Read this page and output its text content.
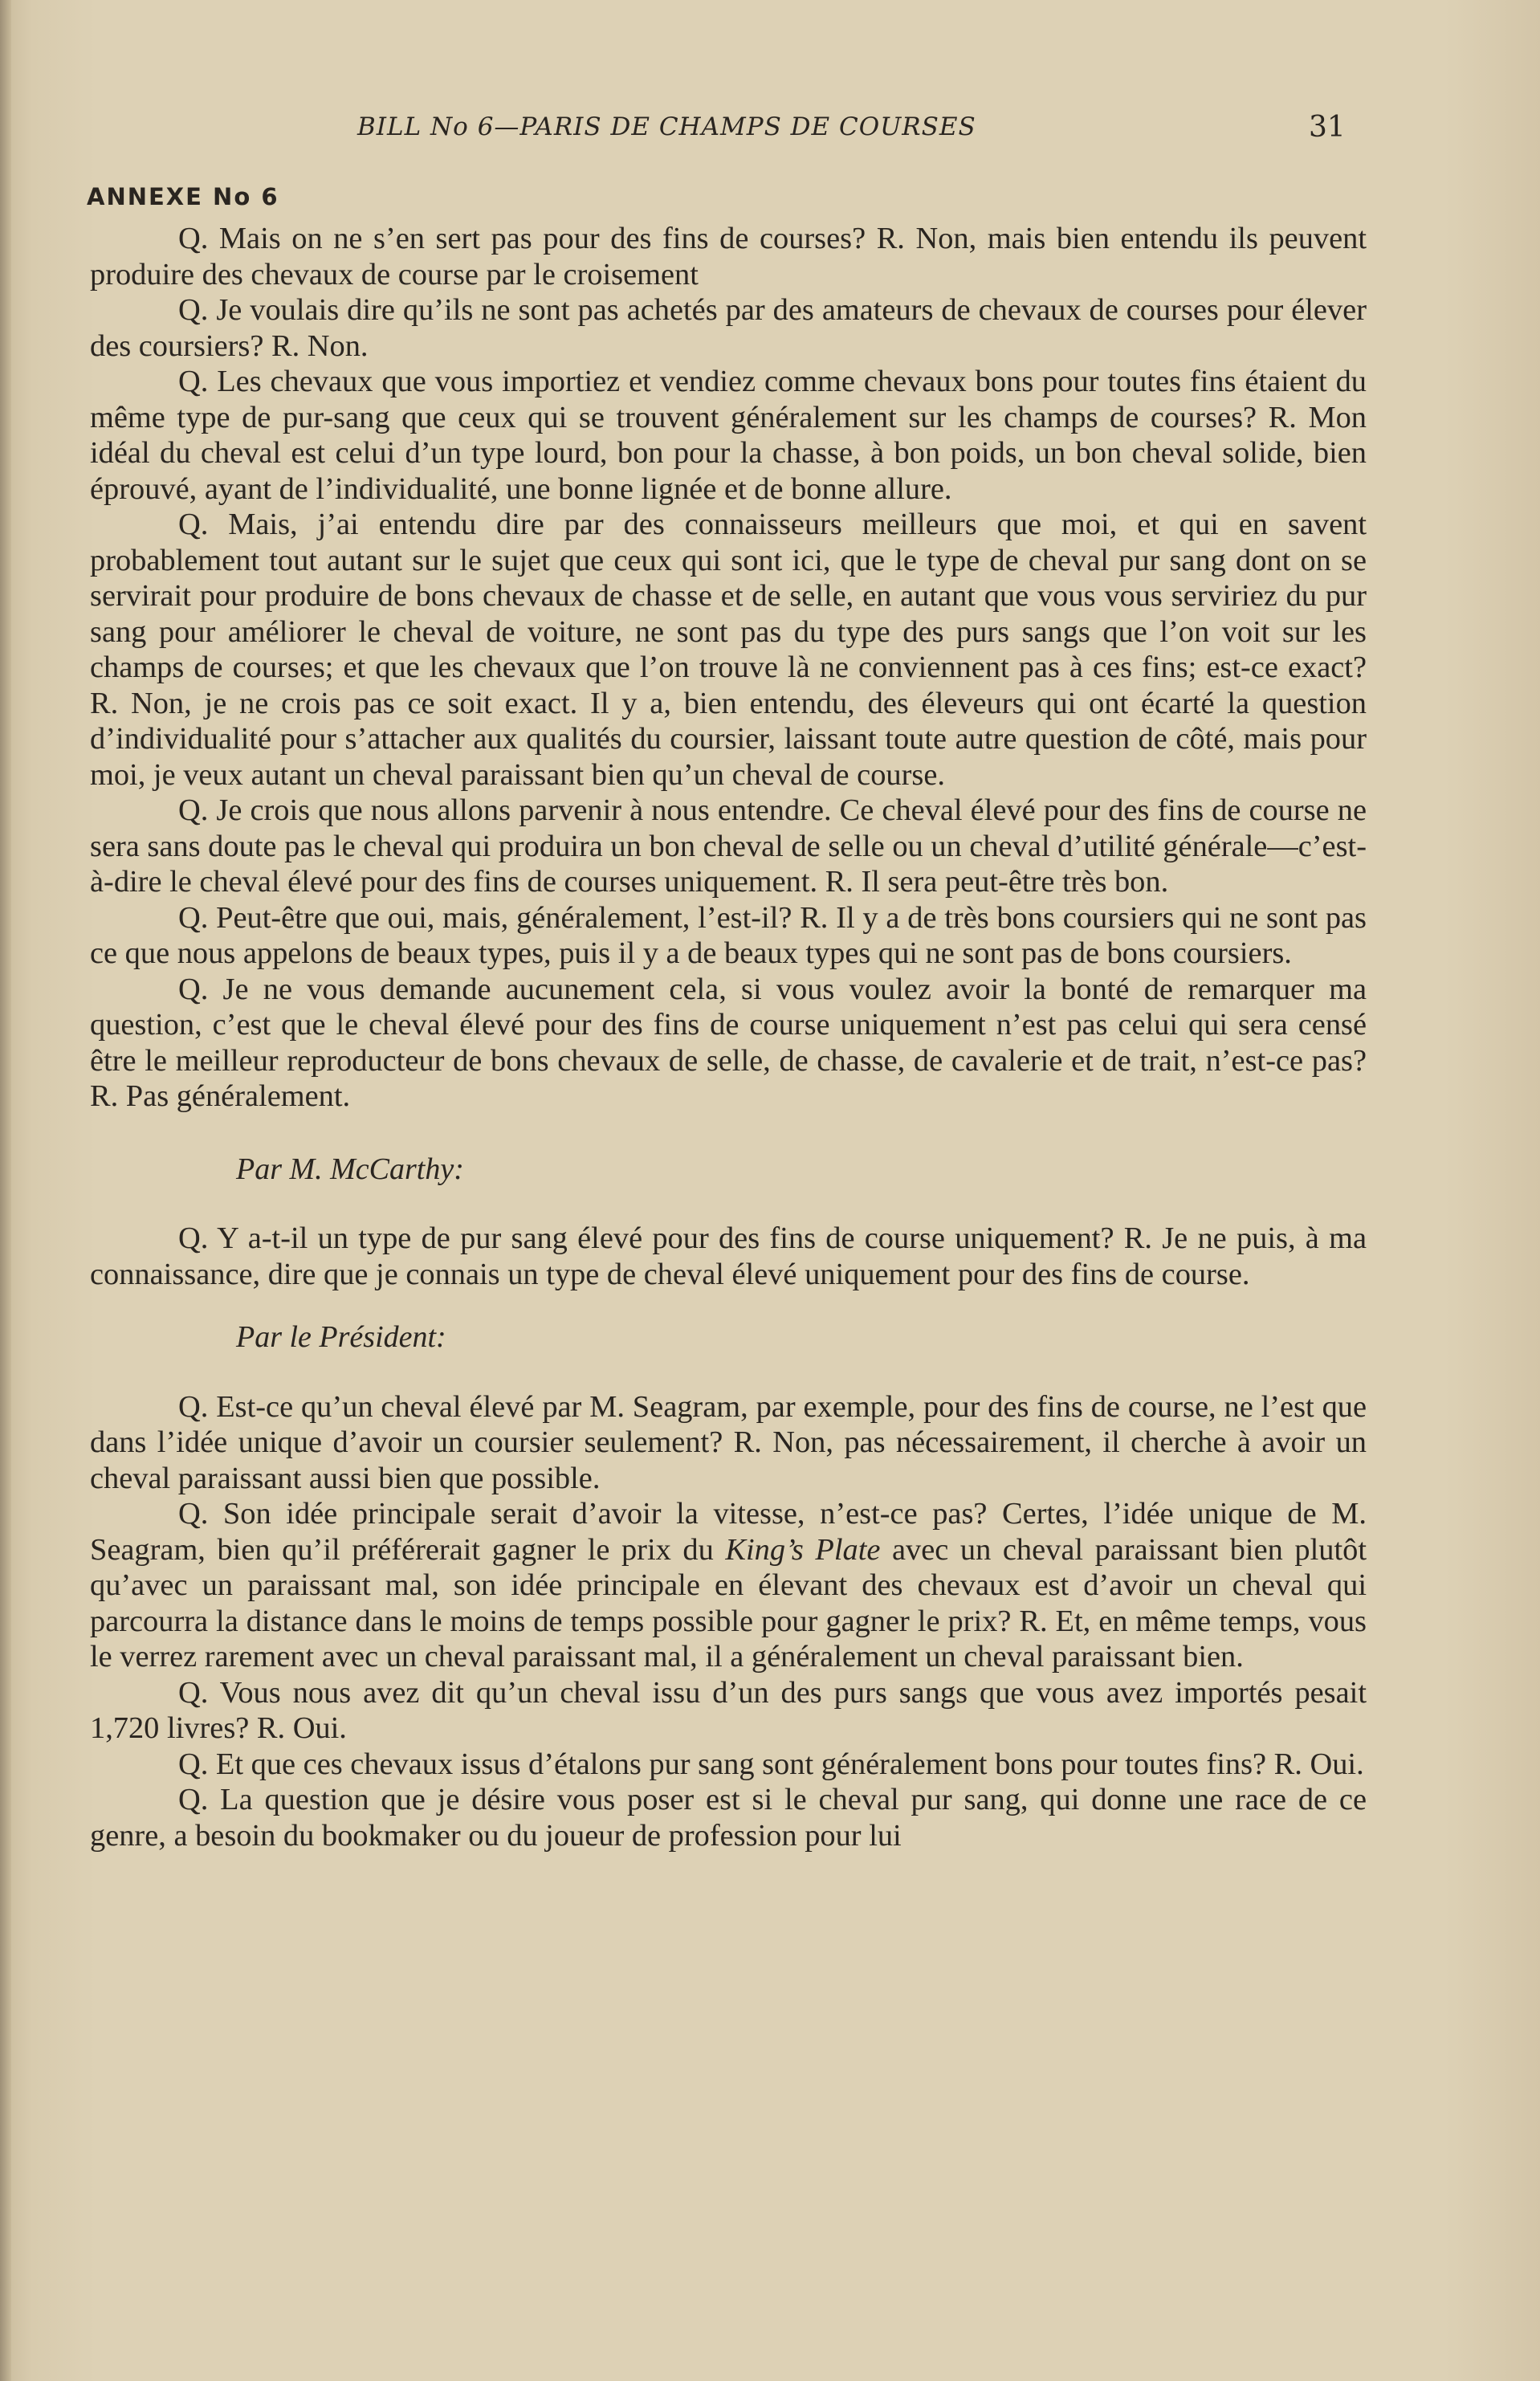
BILL No 6—PARIS DE CHAMPS DE COURSES	31
ANNEXE No 6

Q. Mais on ne s’en sert pas pour des fins de courses? R. Non, mais bien entendu ils peuvent produire des chevaux de course par le croisement

Q. Je voulais dire qu’ils ne sont pas achetés par des amateurs de chevaux de courses pour élever des coursiers? R. Non.

Q. Les chevaux que vous importiez et vendiez comme chevaux bons pour toutes fins étaient du même type de pur-sang que ceux qui se trouvent généralement sur les champs de courses? R. Mon idéal du cheval est celui d’un type lourd, bon pour la chasse, à bon poids, un bon cheval solide, bien éprouvé, ayant de l’individualité, une bonne lignée et de bonne allure.

Q. Mais, j’ai entendu dire par des connaisseurs meilleurs que moi, et qui en savent probablement tout autant sur le sujet que ceux qui sont ici, que le type de cheval pur sang dont on se servirait pour produire de bons chevaux de chasse et de selle, en autant que vous vous serviriez du pur sang pour améliorer le cheval de voiture, ne sont pas du type des purs sangs que l’on voit sur les champs de courses; et que les chevaux que l’on trouve là ne conviennent pas à ces fins; est-ce exact? R. Non, je ne crois pas ce soit exact. Il y a, bien entendu, des éleveurs qui ont écarté la question d’individualité pour s’attacher aux qualités du coursier, laissant toute autre question de côté, mais pour moi, je veux autant un cheval paraissant bien qu’un cheval de course.

Q. Je crois que nous allons parvenir à nous entendre. Ce cheval élevé pour des fins de course ne sera sans doute pas le cheval qui produira un bon cheval de selle ou un cheval d’utilité générale—c’est-à-dire le cheval élevé pour des fins de courses uniquement. R. Il sera peut-être très bon.

Q. Peut-être que oui, mais, généralement, l’est-il? R. Il y a de très bons coursiers qui ne sont pas ce que nous appelons de beaux types, puis il y a de beaux types qui ne sont pas de bons coursiers.

Q. Je ne vous demande aucunement cela, si vous voulez avoir la bonté de remarquer ma question, c’est que le cheval élevé pour des fins de course uniquement n’est pas celui qui sera censé être le meilleur reproducteur de bons chevaux de selle, de chasse, de cavalerie et de trait, n’est-ce pas? R. Pas généralement.

Par M. McCarthy:

Q. Y a-t-il un type de pur sang élevé pour des fins de course uniquement? R. Je ne puis, à ma connaissance, dire que je connais un type de cheval élevé uniquement pour des fins de course.

Par le Président:

Q. Est-ce qu’un cheval élevé par M. Seagram, par exemple, pour des fins de course, ne l’est que dans l’idée unique d’avoir un coursier seulement? R. Non, pas nécessairement, il cherche à avoir un cheval paraissant aussi bien que possible.

Q. Son idée principale serait d’avoir la vitesse, n’est-ce pas? Certes, l’idée unique de M. Seagram, bien qu’il préférerait gagner le prix du King’s Plate avec un cheval paraissant bien plutôt qu’avec un paraissant mal, son idée principale en élevant des chevaux est d’avoir un cheval qui parcourra la distance dans le moins de temps possible pour gagner le prix? R. Et, en même temps, vous le verrez rarement avec un cheval paraissant mal, il a généralement un cheval paraissant bien.

Q. Vous nous avez dit qu’un cheval issu d’un des purs sangs que vous avez importés pesait 1,720 livres? R. Oui.

Q. Et que ces chevaux issus d’étalons pur sang sont généralement bons pour toutes fins? R. Oui.

Q. La question que je désire vous poser est si le cheval pur sang, qui donne une race de ce genre, a besoin du bookmaker ou du joueur de profession pour lui
